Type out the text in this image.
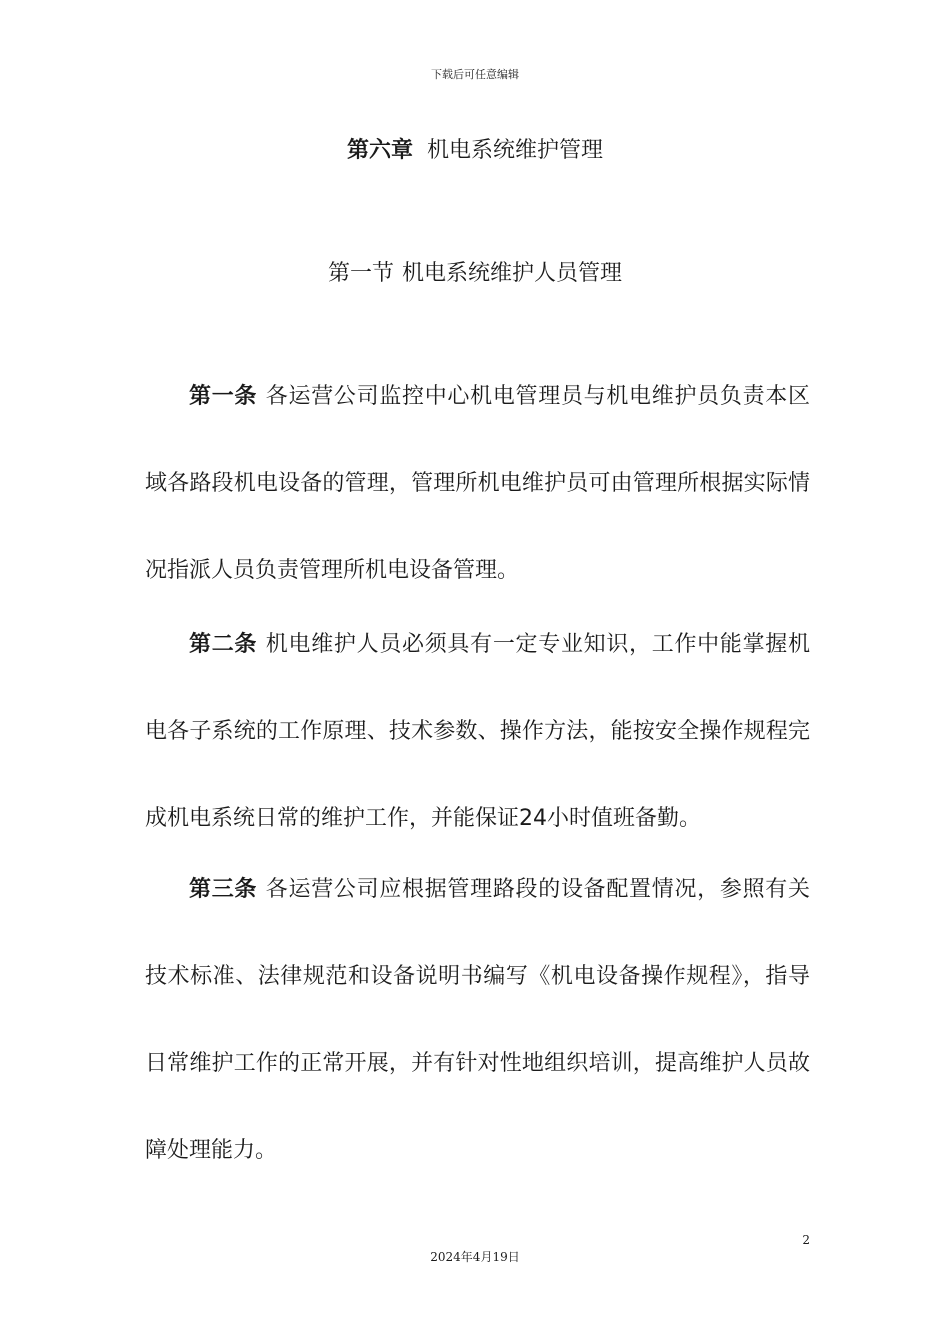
下载后可任意编辑
第六章 机电系统维护管理
第一节 机电系统维护人员管理

第一条 各运营公司监控中心机电管理员与机电维护员负责本区域各路段机电设备的管理，管理所机电维护员可由管理所根据实际情况指派人员负责管理所机电设备管理。

第二条 机电维护人员必须具有一定专业知识，工作中能掌握机电各子系统的工作原理、技术参数、操作方法，能按安全操作规程完成机电系统日常的维护工作，并能保证24小时值班备勤。

第三条 各运营公司应根据管理路段的设备配置情况，参照有关技术标准、法律规范和设备说明书编写《机电设备操作规程》，指导日常维护工作的正常开展，并有针对性地组织培训，提高维护人员故障处理能力。

2
2024年4月19日
